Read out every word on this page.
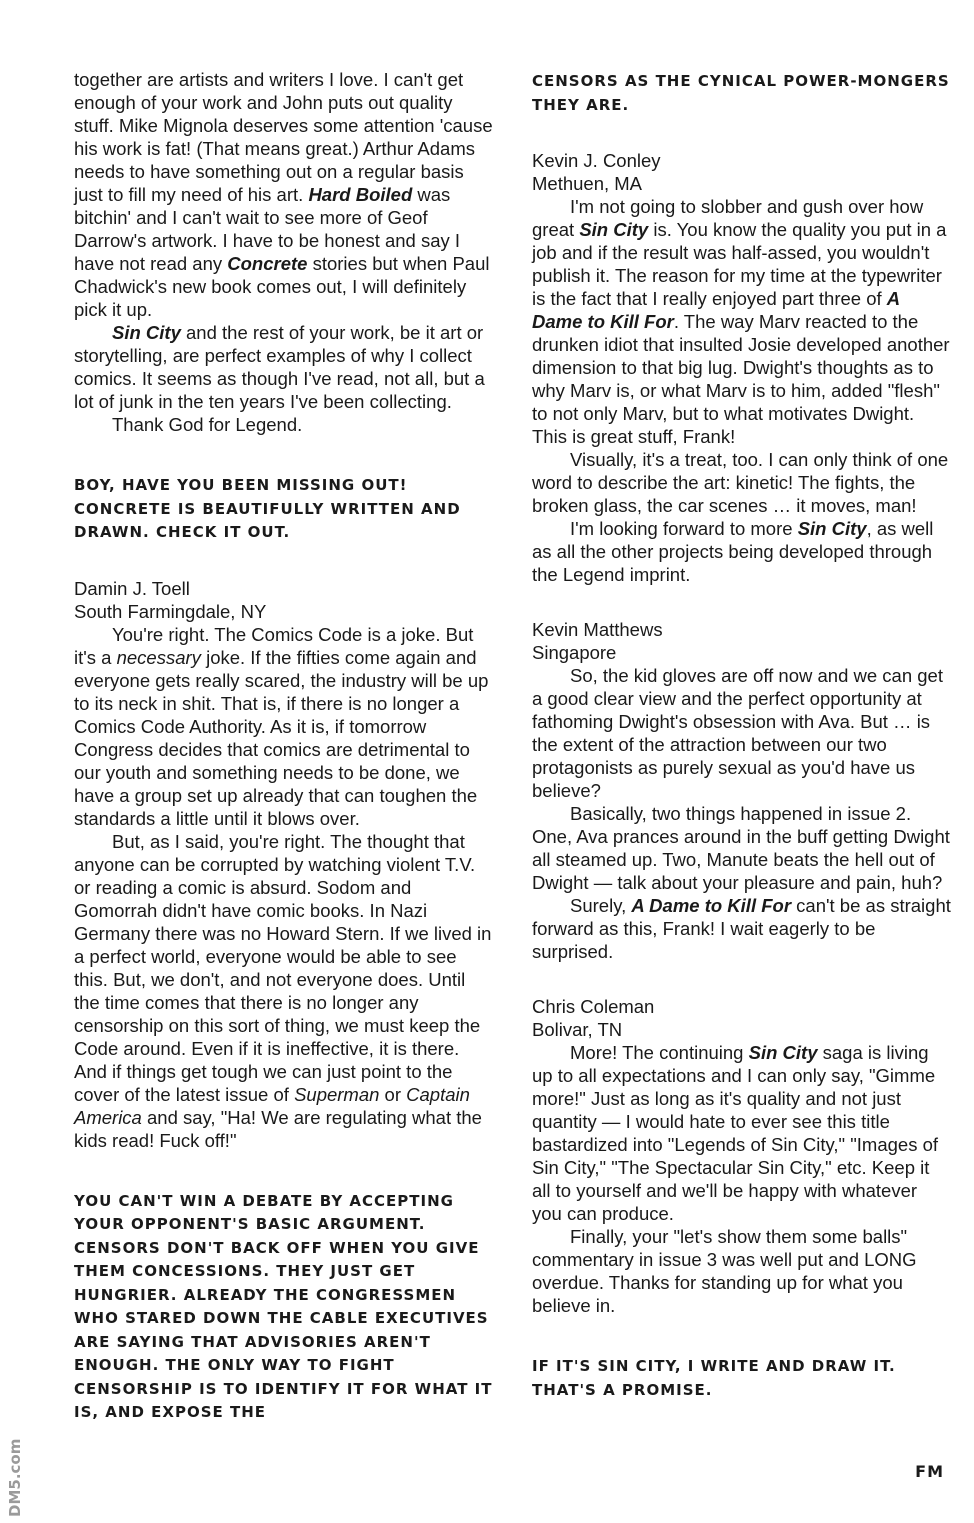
together are artists and writers I love. I can't get enough of your work and John puts out quality stuff. Mike Mignola deserves some attention 'cause his work is fat! (That means great.) Arthur Adams needs to have something out on a regular basis just to fill my need of his art. Hard Boiled was bitchin' and I can't wait to see more of Geof Darrow's artwork. I have to be honest and say I have not read any Concrete stories but when Paul Chadwick's new book comes out, I will definitely pick it up.

Sin City and the rest of your work, be it art or storytelling, are perfect examples of why I collect comics. It seems as though I've read, not all, but a lot of junk in the ten years I've been collecting.

Thank God for Legend.

BOY, HAVE YOU BEEN MISSING OUT! CONCRETE IS BEAUTIFULLY WRITTEN AND DRAWN. CHECK IT OUT.

Damin J. Toell

South Farmingdale, NY

You're right. The Comics Code is a joke. But it's a necessary joke. If the fifties come again and everyone gets really scared, the industry will be up to its neck in shit. That is, if there is no longer a Comics Code Authority. As it is, if tomorrow Congress decides that comics are detrimental to our youth and something needs to be done, we have a group set up already that can toughen the standards a little until it blows over.

But, as I said, you're right. The thought that anyone can be corrupted by watching violent T.V. or reading a comic is absurd. Sodom and Gomorrah didn't have comic books. In Nazi Germany there was no Howard Stern. If we lived in a perfect world, everyone would be able to see this. But, we don't, and not everyone does. Until the time comes that there is no longer any censorship on this sort of thing, we must keep the Code around. Even if it is ineffective, it is there. And if things get tough we can just point to the cover of the latest issue of Superman or Captain America and say, "Ha! We are regulating what the kids read! Fuck off!"

YOU CAN'T WIN A DEBATE BY ACCEPTING YOUR OPPONENT'S BASIC ARGUMENT. CENSORS DON'T BACK OFF WHEN YOU GIVE THEM CONCESSIONS. THEY JUST GET HUNGRIER. ALREADY THE CONGRESSMEN WHO STARED DOWN THE CABLE EXECUTIVES ARE SAYING THAT ADVISORIES AREN'T ENOUGH. THE ONLY WAY TO FIGHT CENSORSHIP IS TO IDENTIFY IT FOR WHAT IT IS, AND EXPOSE THE

CENSORS AS THE CYNICAL POWER-MONGERS THEY ARE.

Kevin J. Conley

Methuen, MA

I'm not going to slobber and gush over how great Sin City is. You know the quality you put in a job and if the result was half-assed, you wouldn't publish it. The reason for my time at the typewriter is the fact that I really enjoyed part three of A Dame to Kill For. The way Marv reacted to the drunken idiot that insulted Josie developed another dimension to that big lug. Dwight's thoughts as to why Marv is, or what Marv is to him, added "flesh" to not only Marv, but to what motivates Dwight. This is great stuff, Frank!

Visually, it's a treat, too. I can only think of one word to describe the art: kinetic! The fights, the broken glass, the car scenes … it moves, man!

I'm looking forward to more Sin City, as well as all the other projects being developed through the Legend imprint.

Kevin Matthews

Singapore

So, the kid gloves are off now and we can get a good clear view and the perfect opportunity at fathoming Dwight's obsession with Ava. But … is the extent of the attraction between our two protagonists as purely sexual as you'd have us believe?

Basically, two things happened in issue 2. One, Ava prances around in the buff getting Dwight all steamed up. Two, Manute beats the hell out of Dwight — talk about your pleasure and pain, huh?

Surely, A Dame to Kill For can't be as straight forward as this, Frank! I wait eagerly to be surprised.

Chris Coleman

Bolivar, TN

More! The continuing Sin City saga is living up to all expectations and I can only say, "Gimme more!" Just as long as it's quality and not just quantity — I would hate to ever see this title bastardized into "Legends of Sin City," "Images of Sin City," "The Spectacular Sin City," etc. Keep it all to yourself and we'll be happy with whatever you can produce.

Finally, your "let's show them some balls" commentary in issue 3 was well put and LONG overdue. Thanks for standing up for what you believe in.

IF IT'S SIN CITY, I WRITE AND DRAW IT. THAT'S A PROMISE.

FM
DM5.com
